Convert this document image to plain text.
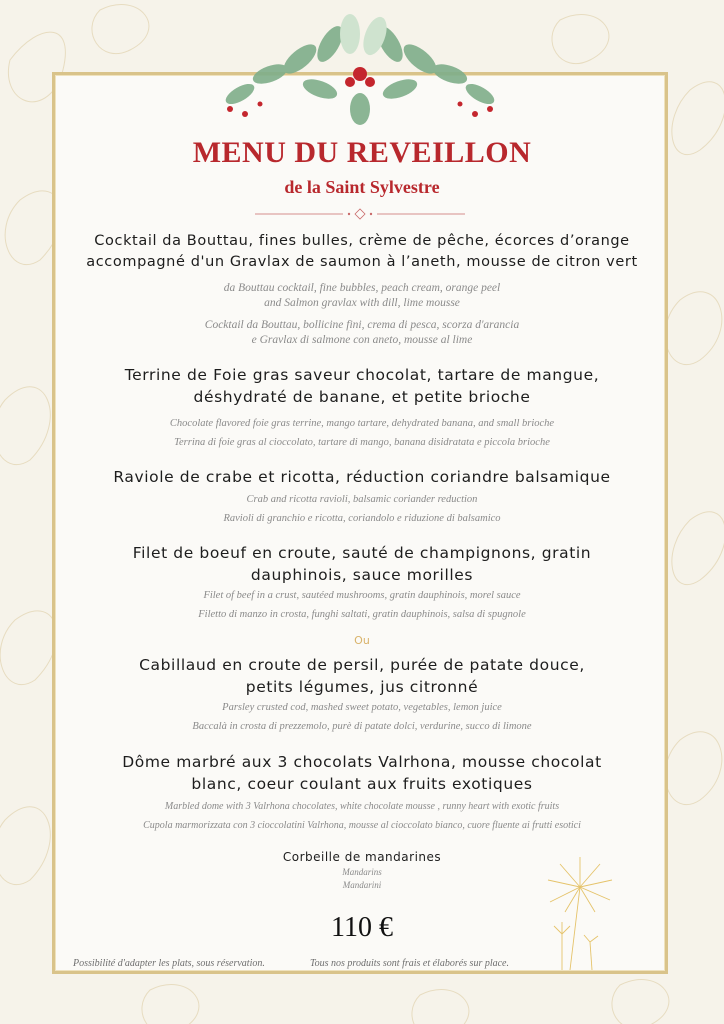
MENU DU REVEILLON
de la Saint Sylvestre
Cocktail da Bouttau, fines bulles, crème de pêche, écorces d’orange
accompagné d'un Gravlax de saumon à l’aneth, mousse de citron vert
da Bouttau cocktail, fine bubbles, peach cream, orange peel
and Salmon gravlax with dill, lime mousse
Cocktail da Bouttau, bollicine fini, crema di pesca, scorza d'arancia
e Gravlax di salmone con aneto, mousse al lime
Terrine de Foie gras saveur chocolat, tartare de mangue,
déshydraté de banane, et petite brioche
Chocolate flavored foie gras terrine, mango tartare, dehydrated banana, and small brioche
Terrina di foie gras al cioccolato, tartare di mango, banana disidratata e piccola brioche
Raviole de crabe et ricotta, réduction coriandre balsamique
Crab and ricotta ravioli, balsamic coriander reduction
Ravioli di granchio e ricotta, coriandolo e riduzione di balsamico
Filet de boeuf en croute, sauté de champignons, gratin
dauphinois, sauce morilles
Filet of beef in a crust, sautéed mushrooms, gratin dauphinois, morel sauce
Filetto di manzo in crosta, funghi saltati, gratin dauphinois, salsa di spugnole
Ou
Cabillaud en croute de persil, purée de patate douce,
petits légumes, jus citronné
Parsley crusted cod, mashed sweet potato, vegetables, lemon juice
Baccalà in crosta di prezzemolo, purè di patate dolci, verdurine, succo di limone
Dôme marbré aux 3 chocolats Valrhona, mousse chocolat
blanc, coeur coulant aux fruits exotiques
Marbled dome with 3 Valrhona chocolates, white chocolate mousse , runny heart with exotic fruits
Cupola marmorizzata con 3 cioccolatini Valrhona, mousse al cioccolato bianco, cuore fluente ai frutti esotici
Corbeille de mandarines
Mandarins
Mandarini
110 €
Possibilité d'adapter les plats, sous réservation.	Tous nos produits sont frais et élaborés sur place.
